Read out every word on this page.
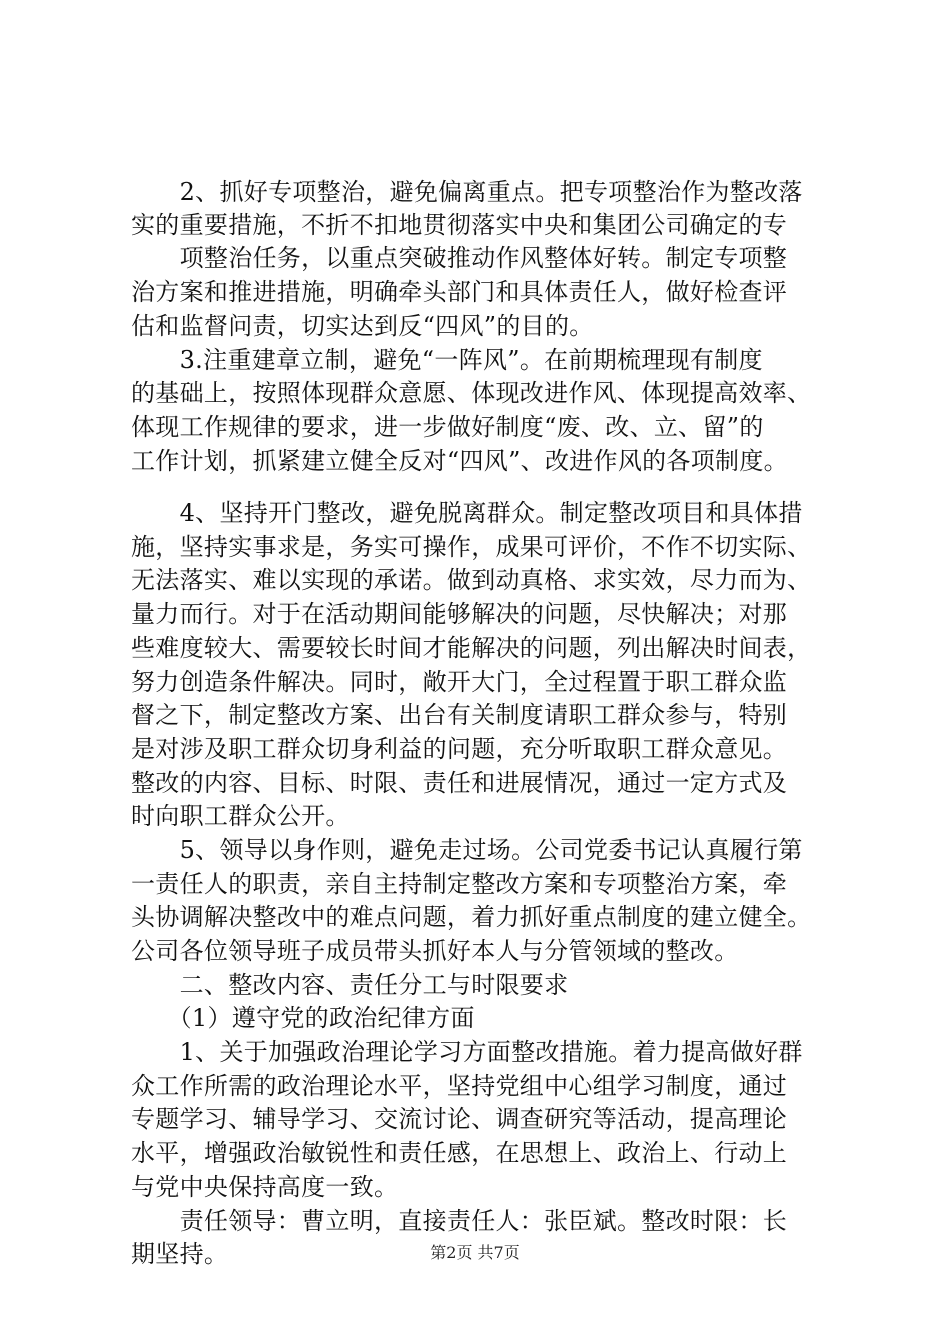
　　2、抓好专项整治，避免偏离重点。把专项整治作为整改落
实的重要措施，不折不扣地贯彻落实中央和集团公司确定的专
　　项整治任务，以重点突破推动作风整体好转。制定专项整
治方案和推进措施，明确牵头部门和具体责任人，做好检查评
估和监督问责，切实达到反“四风”的目的。
　　3.注重建章立制，避免“一阵风”。在前期梳理现有制度
的基础上，按照体现群众意愿、体现改进作风、体现提高效率、
体现工作规律的要求，进一步做好制度“废、改、立、留”的
工作计划，抓紧建立健全反对“四风”、改进作风的各项制度。
　　4、坚持开门整改，避免脱离群众。制定整改项目和具体措
施，坚持实事求是，务实可操作，成果可评价，不作不切实际、
无法落实、难以实现的承诺。做到动真格、求实效，尽力而为、
量力而行。对于在活动期间能够解决的问题，尽快解决；对那
些难度较大、需要较长时间才能解决的问题，列出解决时间表，
努力创造条件解决。同时，敞开大门，全过程置于职工群众监
督之下，制定整改方案、出台有关制度请职工群众参与，特别
是对涉及职工群众切身利益的问题，充分听取职工群众意见。
整改的内容、目标、时限、责任和进展情况，通过一定方式及
时向职工群众公开。
　　5、领导以身作则，避免走过场。公司党委书记认真履行第
一责任人的职责，亲自主持制定整改方案和专项整治方案，牵
头协调解决整改中的难点问题，着力抓好重点制度的建立健全。
公司各位领导班子成员带头抓好本人与分管领域的整改。
　　二、整改内容、责任分工与时限要求
　　（1）遵守党的政治纪律方面
　　1、关于加强政治理论学习方面整改措施。着力提高做好群
众工作所需的政治理论水平，坚持党组中心组学习制度，通过
专题学习、辅导学习、交流讨论、调查研究等活动，提高理论
水平，增强政治敏锐性和责任感，在思想上、政治上、行动上
与党中央保持高度一致。
　　责任领导：曹立明，直接责任人：张臣斌。整改时限：长
期坚持。	第2页 共7页
